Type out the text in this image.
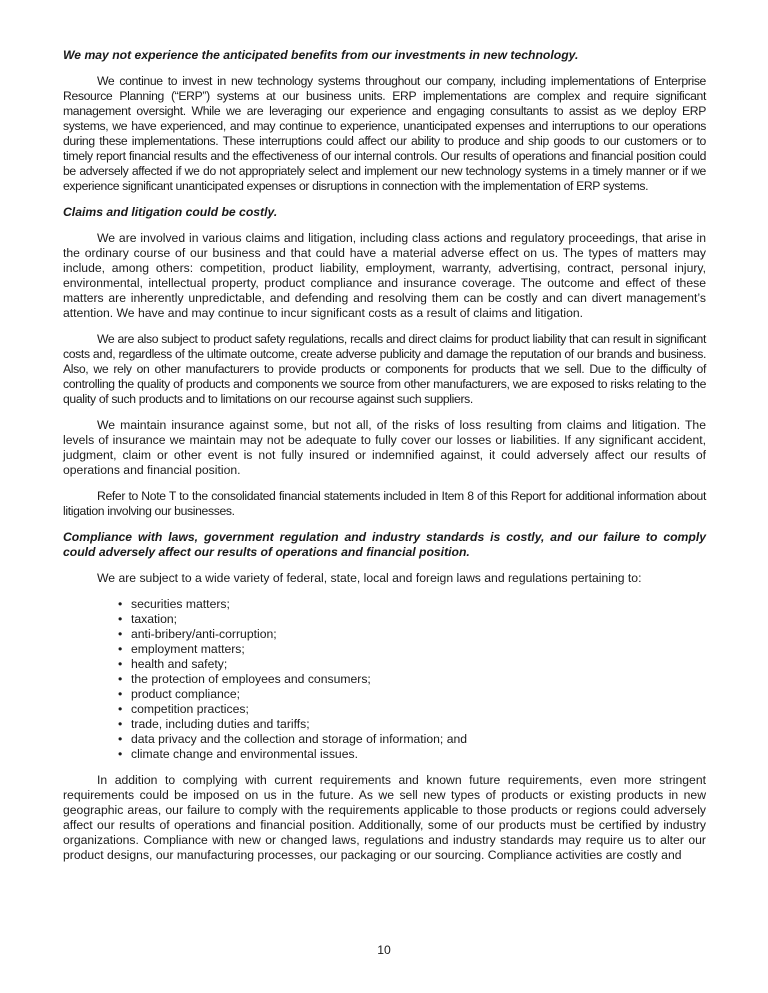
We may not experience the anticipated benefits from our investments in new technology.

We continue to invest in new technology systems throughout our company, including implementations of Enterprise Resource Planning (“ERP”) systems at our business units. ERP implementations are complex and require significant management oversight. While we are leveraging our experience and engaging consultants to assist as we deploy ERP systems, we have experienced, and may continue to experience, unanticipated expenses and interruptions to our operations during these implementations. These interruptions could affect our ability to produce and ship goods to our customers or to timely report financial results and the effectiveness of our internal controls. Our results of operations and financial position could be adversely affected if we do not appropriately select and implement our new technology systems in a timely manner or if we experience significant unanticipated expenses or disruptions in connection with the implementation of ERP systems.

Claims and litigation could be costly.

We are involved in various claims and litigation, including class actions and regulatory proceedings, that arise in the ordinary course of our business and that could have a material adverse effect on us. The types of matters may include, among others: competition, product liability, employment, warranty, advertising, contract, personal injury, environmental, intellectual property, product compliance and insurance coverage. The outcome and effect of these matters are inherently unpredictable, and defending and resolving them can be costly and can divert management’s attention. We have and may continue to incur significant costs as a result of claims and litigation.

We are also subject to product safety regulations, recalls and direct claims for product liability that can result in significant costs and, regardless of the ultimate outcome, create adverse publicity and damage the reputation of our brands and business. Also, we rely on other manufacturers to provide products or components for products that we sell. Due to the difficulty of controlling the quality of products and components we source from other manufacturers, we are exposed to risks relating to the quality of such products and to limitations on our recourse against such suppliers.

We maintain insurance against some, but not all, of the risks of loss resulting from claims and litigation. The levels of insurance we maintain may not be adequate to fully cover our losses or liabilities. If any significant accident, judgment, claim or other event is not fully insured or indemnified against, it could adversely affect our results of operations and financial position.

Refer to Note T to the consolidated financial statements included in Item 8 of this Report for additional information about litigation involving our businesses.

Compliance with laws, government regulation and industry standards is costly, and our failure to comply could adversely affect our results of operations and financial position.

We are subject to a wide variety of federal, state, local and foreign laws and regulations pertaining to:

• securities matters;
• taxation;
• anti-bribery/anti-corruption;
• employment matters;
• health and safety;
• the protection of employees and consumers;
• product compliance;
• competition practices;
• trade, including duties and tariffs;
• data privacy and the collection and storage of information; and
• climate change and environmental issues.

In addition to complying with current requirements and known future requirements, even more stringent requirements could be imposed on us in the future. As we sell new types of products or existing products in new geographic areas, our failure to comply with the requirements applicable to those products or regions could adversely affect our results of operations and financial position. Additionally, some of our products must be certified by industry organizations. Compliance with new or changed laws, regulations and industry standards may require us to alter our product designs, our manufacturing processes, our packaging or our sourcing. Compliance activities are costly and

10
